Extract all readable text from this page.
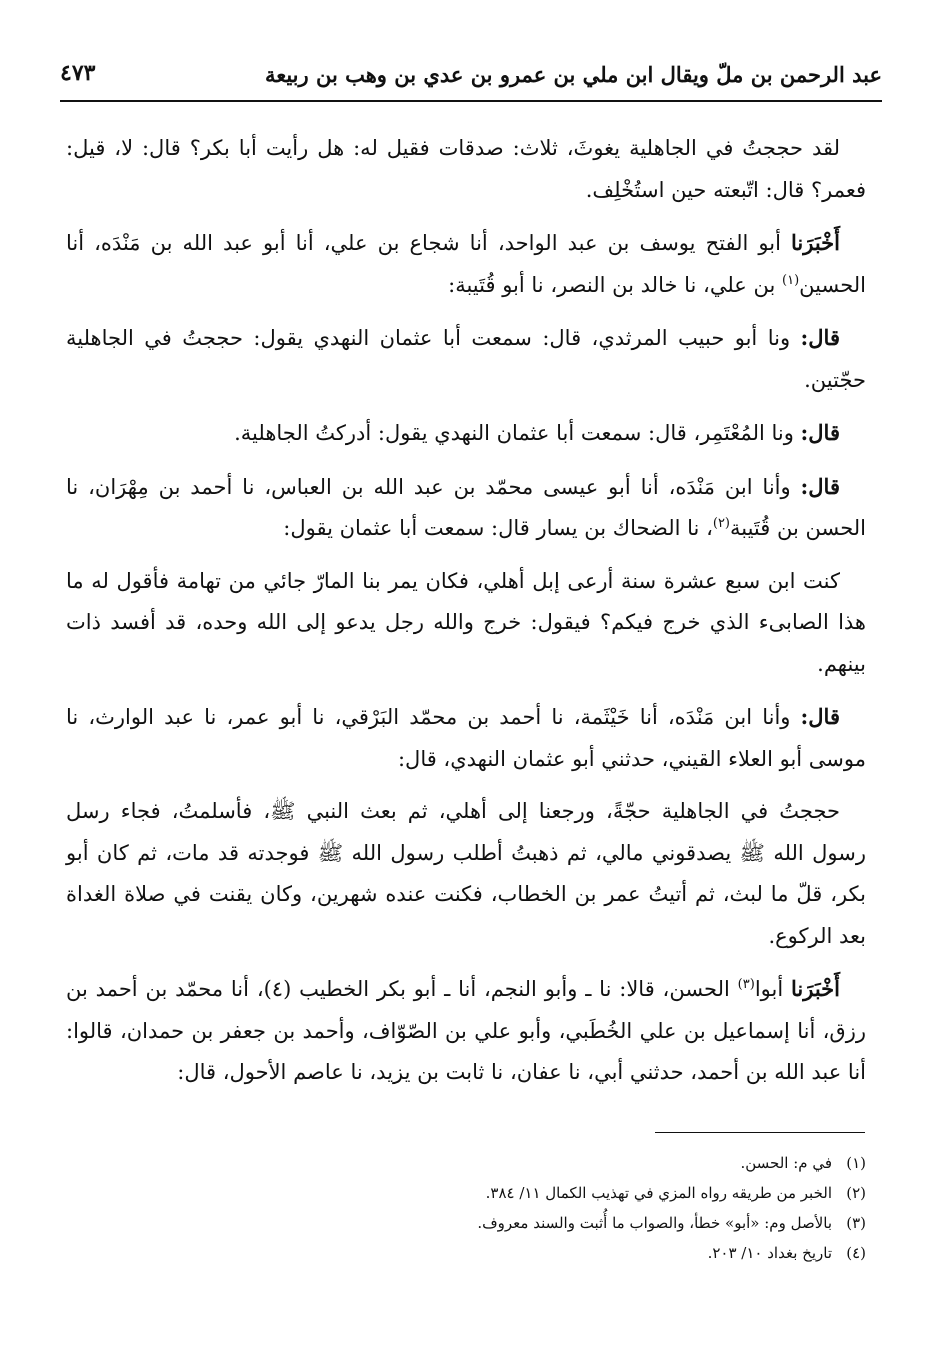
عبد الرحمن بن ملّ ويقال ابن ملي بن عمرو بن عدي بن وهب بن ربيعة
٤٧٣

لقد حججتُ في الجاهلية يغوثَ، ثلاث: صدقات فقيل له: هل رأيت أبا بكر؟ قال: لا، قيل: فعمر؟ قال: اتّبعته حين استُخْلِف.

أَخْبَرَنا أبو الفتح يوسف بن عبد الواحد، أنا شجاع بن علي، أنا أبو عبد الله بن مَنْدَه، أنا الحسين$^{(١)}$ بن علي، نا خالد بن النصر، نا أبو قُتَيبة:

قال: ونا أبو حبيب المرثدي، قال: سمعت أبا عثمان النهدي يقول: حججتُ في الجاهلية حجّتين.

قال: ونا المُعْتَمِر، قال: سمعت أبا عثمان النهدي يقول: أدركتُ الجاهلية.

قال: وأنا ابن مَنْدَه، أنا أبو عيسى محمّد بن عبد الله بن العباس، نا أحمد بن مِهْرَان، نا الحسن بن قُتَيبة$^{(٢)}$، نا الضحاك بن يسار قال: سمعت أبا عثمان يقول:

كنت ابن سبع عشرة سنة أرعى إبل أهلي، فكان يمر بنا المارّ جائي من تهامة فأقول له ما هذا الصابىء الذي خرج فيكم؟ فيقول: خرج والله رجل يدعو إلى الله وحده، قد أفسد ذات بينهم.

قال: وأنا ابن مَنْدَه، أنا خَيْثَمة، نا أحمد بن محمّد البَرْقي، نا أبو عمر، نا عبد الوارث، نا موسى أبو العلاء القيني، حدثني أبو عثمان النهدي، قال:

حججتُ في الجاهلية حجّةً، ورجعنا إلى أهلي، ثم بعث النبي ﷺ، فأسلمتُ، فجاء رسل رسول الله ﷺ يصدقوني مالي، ثم ذهبتُ أطلب رسول الله ﷺ فوجدته قد مات، ثم كان أبو بكر، قلّ ما لبث، ثم أتيتُ عمر بن الخطاب، فكنت عنده شهرين، وكان يقنت في صلاة الغداة بعد الركوع.

أَخْبَرَنا أبوا$^{(٣)}$ الحسن، قالا: نا ـ وأبو النجم، أنا ـ أبو بكر الخطيب (٤)، أنا محمّد بن أحمد بن رزق، أنا إسماعيل بن علي الخُطَبي، وأبو علي بن الصّوّاف، وأحمد بن جعفر بن حمدان، قالوا: أنا عبد الله بن أحمد، حدثني أبي، نا عفان، نا ثابت بن يزيد، نا عاصم الأحول، قال:

(١)في م: الحسن.
(٢)الخبر من طريقه رواه المزي في تهذيب الكمال ١١/ ٣٨٤.
(٣)بالأصل وم: «أبو» خطأ، والصواب ما أُثبت والسند معروف.
(٤)تاريخ بغداد ١٠/ ٢٠٣.
